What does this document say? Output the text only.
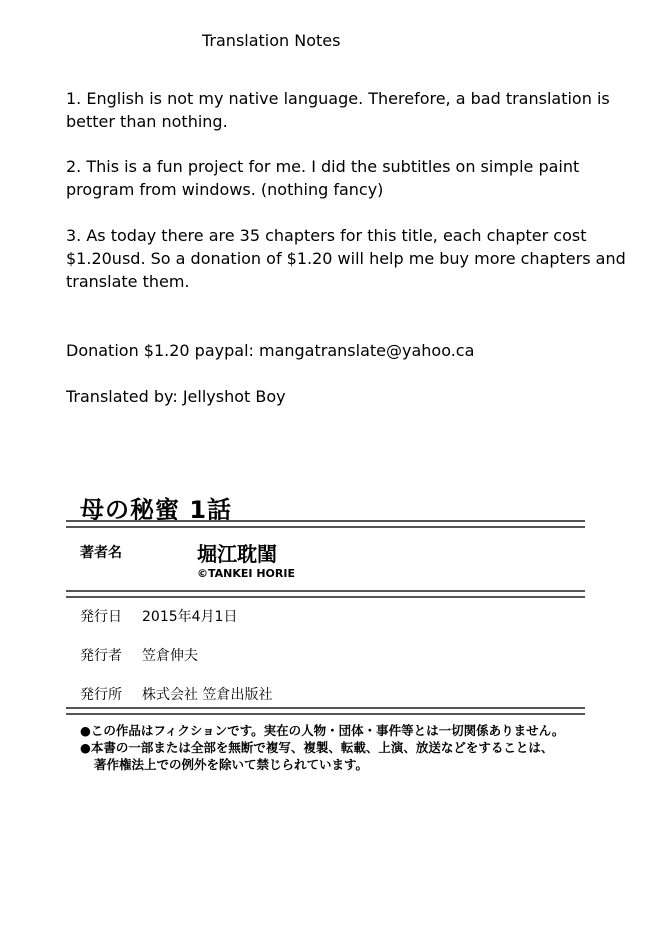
Translation Notes

1. English is not my native language. Therefore, a bad translation is better than nothing.

2. This is a fun project for me. I did the subtitles on simple paint program from windows. (nothing fancy)

3. As today there are 35 chapters for this title, each chapter cost $1.20usd. So a donation of $1.20 will help me buy more chapters and translate them.

Donation $1.20 paypal: mangatranslate@yahoo.ca

Translated by: Jellyshot Boy

母の秘蜜 1話
著者名	堀江耽閨
©TANKEI HORIE
発行日 2015年4月1日
発行者 笠倉伸夫
発行所 株式会社 笠倉出版社
●この作品はフィクションです。実在の人物・団体・事件等とは一切関係ありません。
●本書の一部または全部を無断で複写、複製、転載、上演、放送などをすることは、
著作権法上での例外を除いて禁じられています。
